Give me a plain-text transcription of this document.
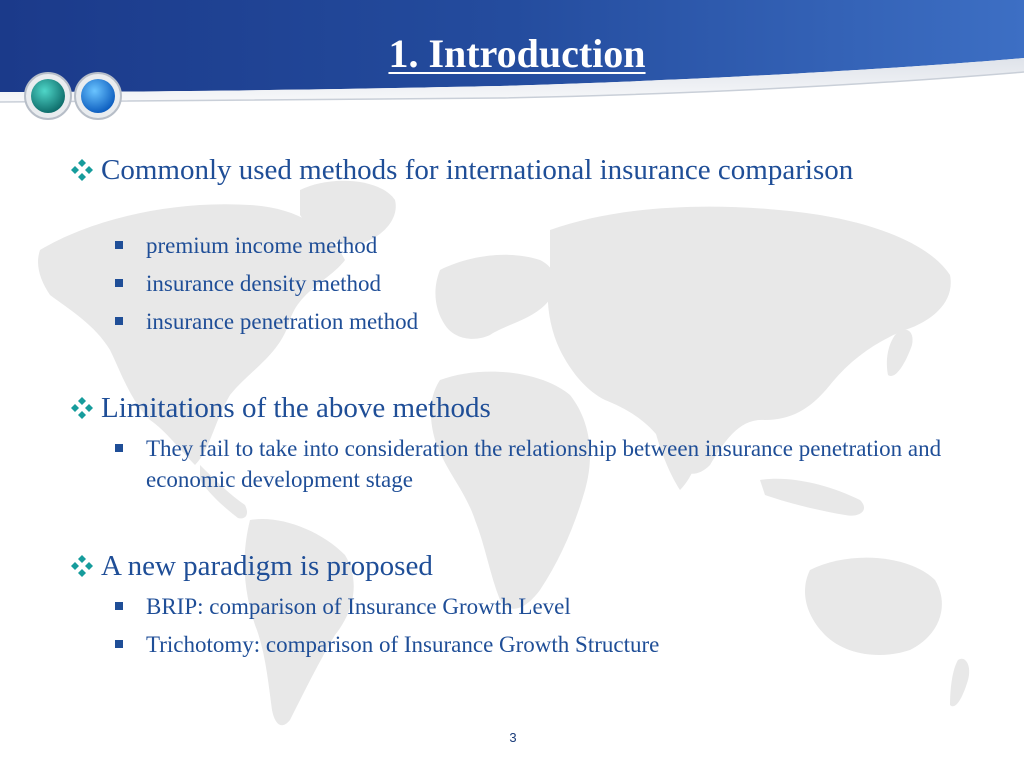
1. Introduction
Commonly used methods for international insurance comparison
premium income method
insurance density method
insurance penetration method
Limitations of the above methods
They fail to take into consideration the relationship between insurance penetration and economic development stage
A new paradigm is proposed
BRIP: comparison of Insurance Growth Level
Trichotomy: comparison of Insurance Growth Structure
3
